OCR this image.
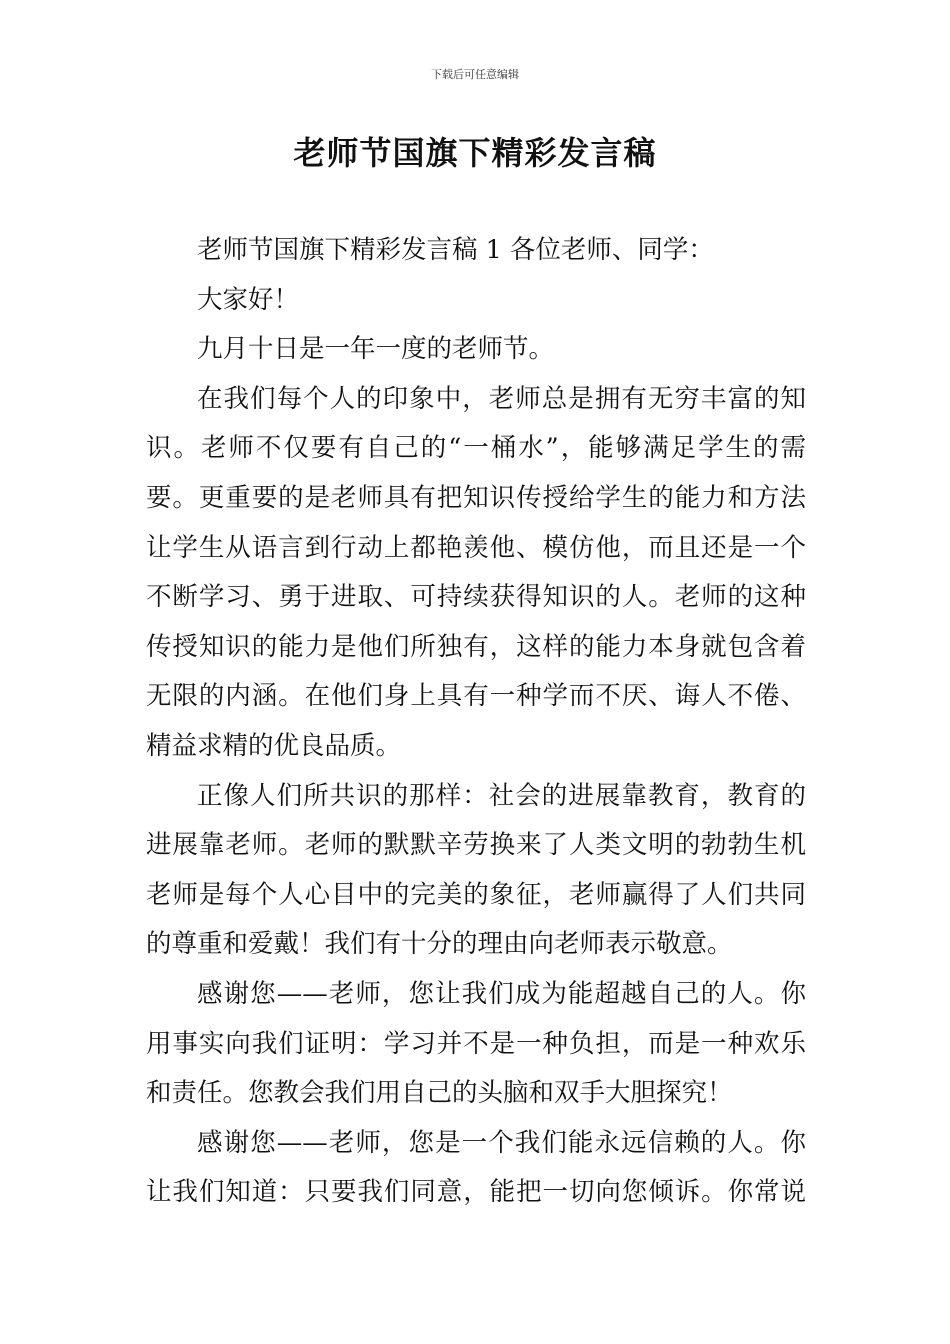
下载后可任意编辑
老师节国旗下精彩发言稿
老师节国旗下精彩发言稿 1 各位老师、同学：
大家好！
九月十日是一年一度的老师节。
在我们每个人的印象中，老师总是拥有无穷丰富的知
识。老师不仅要有自己的“一桶水”，能够满足学生的需
要。更重要的是老师具有把知识传授给学生的能力和方法
让学生从语言到行动上都艳羡他、模仿他，而且还是一个
不断学习、勇于进取、可持续获得知识的人。老师的这种
传授知识的能力是他们所独有，这样的能力本身就包含着
无限的内涵。在他们身上具有一种学而不厌、诲人不倦、
精益求精的优良品质。
正像人们所共识的那样：社会的进展靠教育，教育的
进展靠老师。老师的默默辛劳换来了人类文明的勃勃生机
老师是每个人心目中的完美的象征，老师赢得了人们共同
的尊重和爱戴！我们有十分的理由向老师表示敬意。
感谢您——老师，您让我们成为能超越自己的人。你
用事实向我们证明：学习并不是一种负担，而是一种欢乐
和责任。您教会我们用自己的头脑和双手大胆探究！
感谢您——老师，您是一个我们能永远信赖的人。你
让我们知道：只要我们同意，能把一切向您倾诉。你常说
